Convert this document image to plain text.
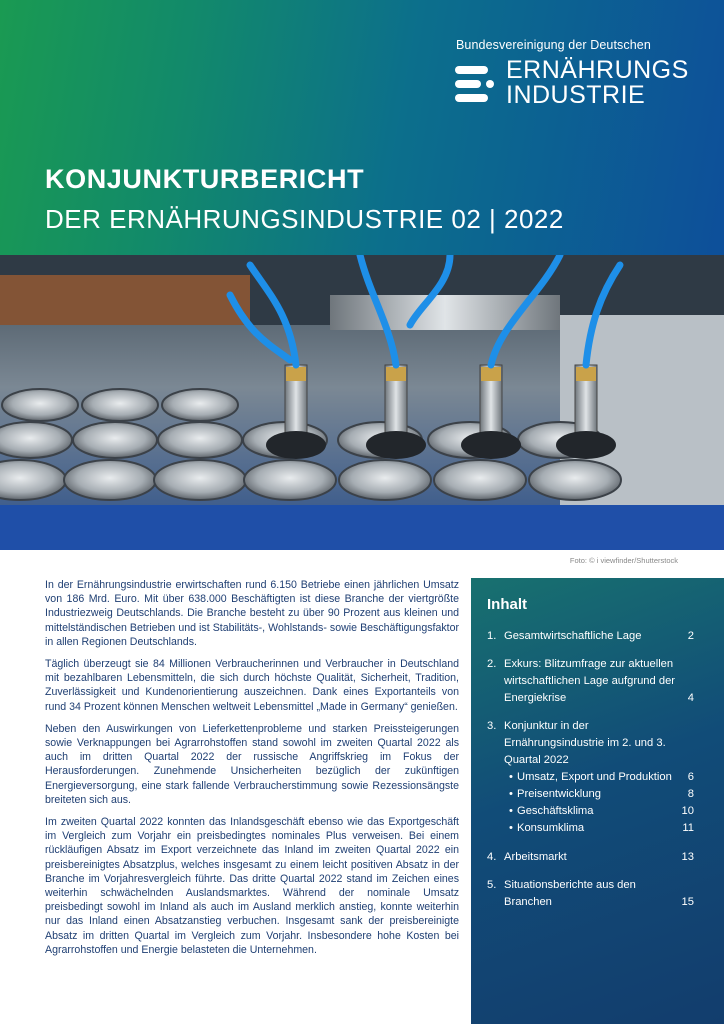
Bundesvereinigung der Deutschen
ERNÄHRUNGS
INDUSTRIE
KONJUNKTURBERICHT
DER ERNÄHRUNGSINDUSTRIE 02 | 2022
Foto: © i viewfinder/Shutterstock

In der Ernährungsindustrie erwirtschaften rund 6.150 Betriebe einen jährlichen Umsatz von 186 Mrd. Euro. Mit über 638.000 Beschäftigten ist diese Branche der viertgrößte Industriezweig Deutschlands. Die Branche besteht zu über 90 Prozent aus kleinen und mittelständischen Betrieben und ist Stabilitäts-, Wohlstands- sowie Beschäftigungsfaktor in allen Regionen Deutschlands.

Täglich überzeugt sie 84 Millionen Verbraucherinnen und Verbraucher in Deutschland mit bezahlbaren Lebensmitteln, die sich durch höchste Qualität, Sicherheit, Tradition, Zuverlässigkeit und Kundenorientierung auszeichnen. Dank eines Exportanteils von rund 34 Prozent können Menschen weltweit Lebensmittel „Made in Germany“ genießen.

Neben den Auswirkungen von Lieferkettenprobleme und starken Preissteigerungen sowie Verknappungen bei Agrarrohstoffen stand sowohl im zweiten Quartal 2022 als auch im dritten Quartal 2022 der russische Angriffskrieg im Fokus der Herausforderungen. Zunehmende Unsicherheiten bezüglich der zukünftigen Energieversorgung, eine stark fallende Verbraucherstimmung sowie Rezessionsängste breiteten sich aus.

Im zweiten Quartal 2022 konnten das Inlandsgeschäft ebenso wie das Exportgeschäft im Vergleich zum Vorjahr ein preisbedingtes nominales Plus verweisen. Bei einem rückläufigen Absatz im Export verzeichnete das Inland im zweiten Quartal 2022 ein preisbereinigtes Absatzplus, welches insgesamt zu einem leicht positiven Absatz in der Branche im Vorjahresvergleich führte. Das dritte Quartal 2022 stand im Zeichen eines weiterhin schwächelnden Auslandsmarktes. Während der nominale Umsatz preisbedingt sowohl im Inland als auch im Ausland merklich anstieg, konnte weiterhin nur das Inland einen Absatzanstieg verbuchen. Insgesamt sank der preisbereinigte Absatz im dritten Quartal im Vergleich zum Vorjahr. Insbesondere hohe Kosten bei Agrarrohstoffen und Energie belasteten die Unternehmen.

Inhalt
1. Gesamtwirtschaftliche Lage	2
2. Exkurs: Blitzumfrage zur aktuellen wirtschaftlichen Lage aufgrund der Energiekrise	4
3. Konjunktur in der Ernährungsindustrie im 2. und 3. Quartal 2022
• Umsatz, Export und Produktion	6
• Preisentwicklung	8
• Geschäftsklima	10
• Konsumklima	11
4. Arbeitsmarkt	13
5. Situationsberichte aus den Branchen	15
